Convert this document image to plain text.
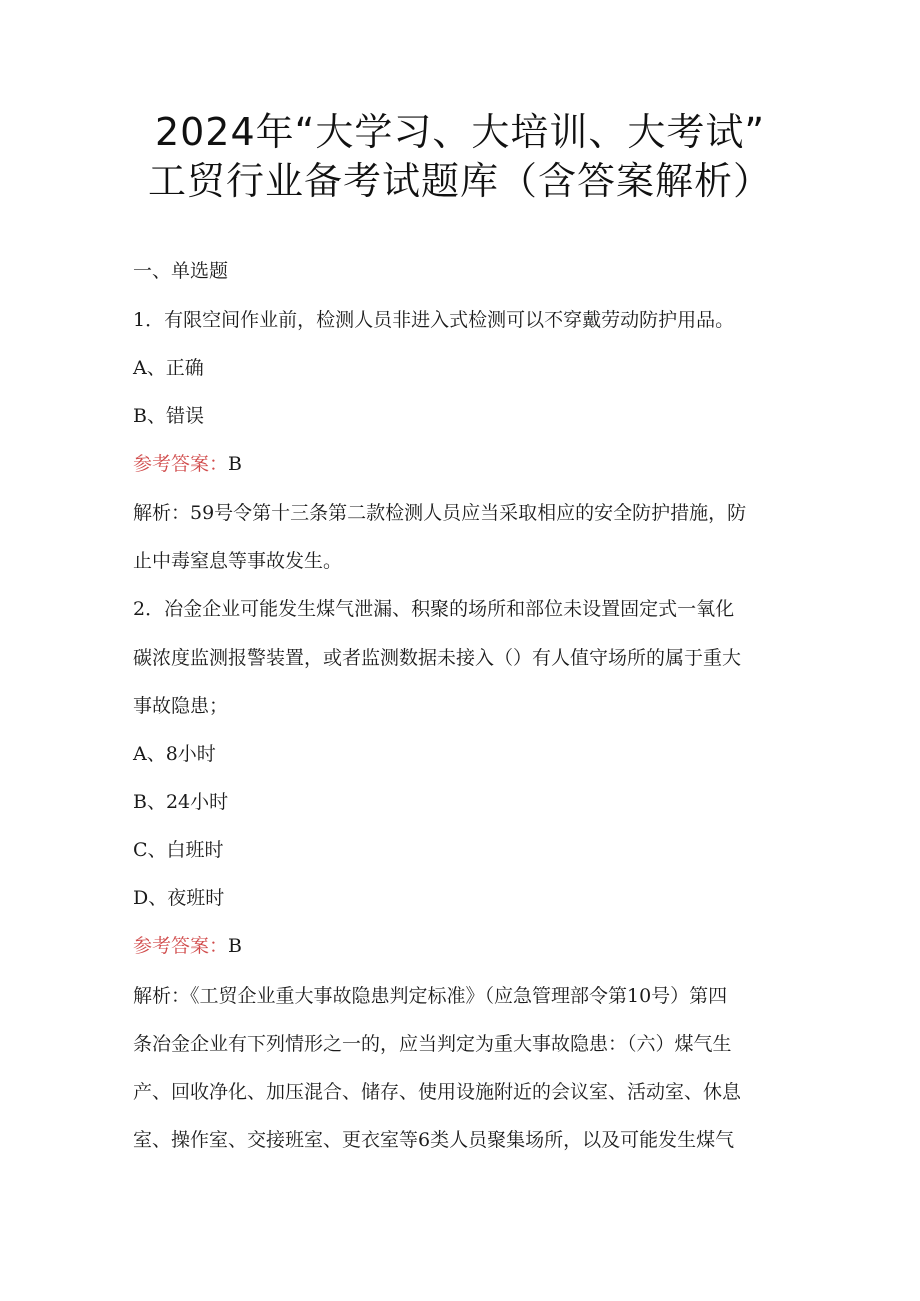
2024年“大学习、大培训、大考试”
工贸行业备考试题库（含答案解析）
一、单选题
1．有限空间作业前，检测人员非进入式检测可以不穿戴劳动防护用品。
A、正确
B、错误
参考答案：B
解析：59号令第十三条第二款检测人员应当采取相应的安全防护措施，防
止中毒窒息等事故发生。
2．冶金企业可能发生煤气泄漏、积聚的场所和部位未设置固定式一氧化
碳浓度监测报警装置，或者监测数据未接入（）有人值守场所的属于重大
事故隐患；
A、8小时
B、24小时
C、白班时
D、夜班时
参考答案：B
解析：《工贸企业重大事故隐患判定标准》（应急管理部令第10号）第四
条冶金企业有下列情形之一的，应当判定为重大事故隐患：（六）煤气生
产、回收净化、加压混合、储存、使用设施附近的会议室、活动室、休息
室、操作室、交接班室、更衣室等6类人员聚集场所，以及可能发生煤气
